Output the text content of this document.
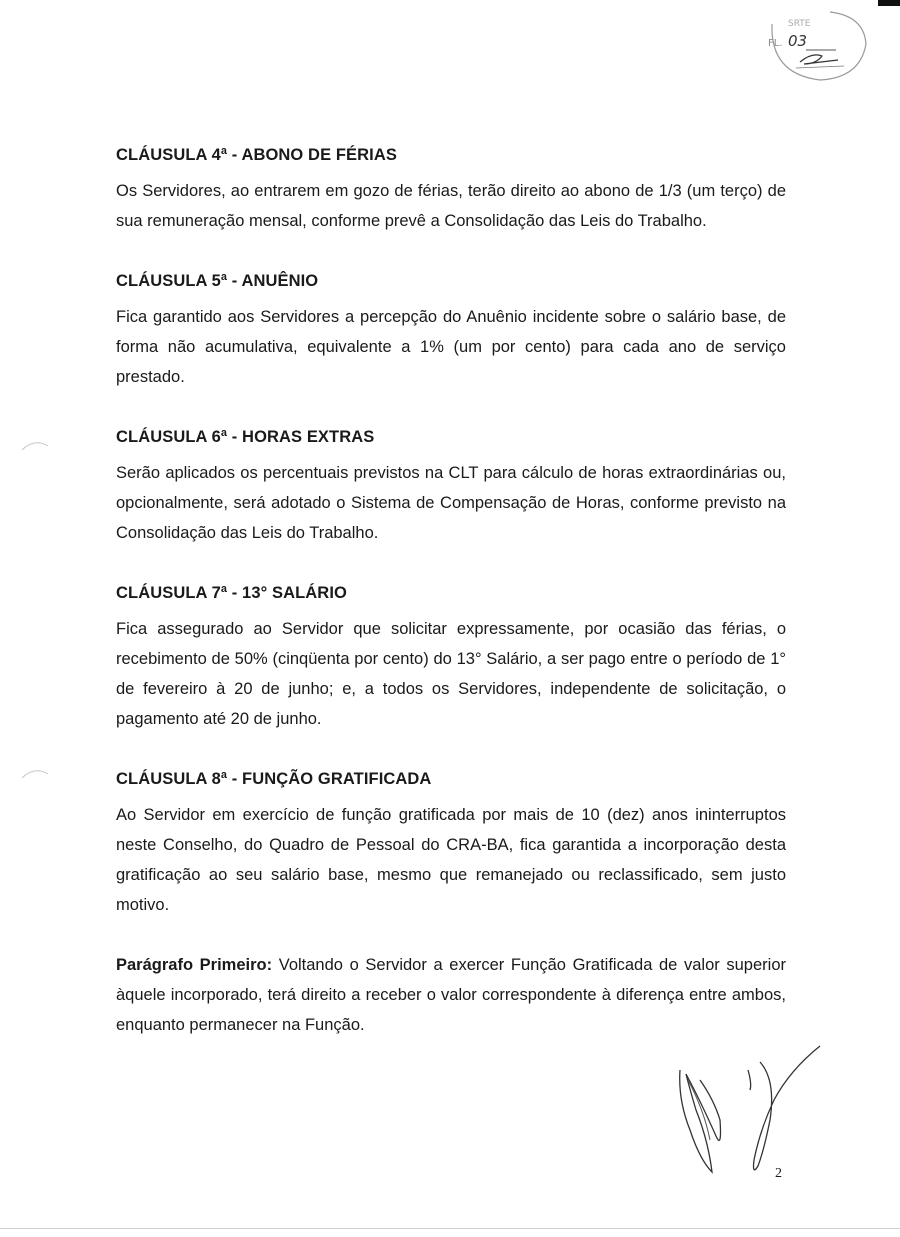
SRTE
FL. 03
CLÁUSULA 4ª - ABONO DE FÉRIAS

Os Servidores, ao entrarem em gozo de férias, terão direito ao abono de 1/3 (um terço) de sua remuneração mensal, conforme prevê a Consolidação das Leis do Trabalho.

CLÁUSULA 5ª - ANUÊNIO

Fica garantido aos Servidores a percepção do Anuênio incidente sobre o salário base, de forma não acumulativa, equivalente a 1% (um por cento) para cada ano de serviço prestado.

CLÁUSULA 6ª - HORAS EXTRAS

Serão aplicados os percentuais previstos na CLT para cálculo de horas extraordinárias ou, opcionalmente, será adotado o Sistema de Compensação de Horas, conforme previsto na Consolidação das Leis do Trabalho.

CLÁUSULA 7ª - 13° SALÁRIO

Fica assegurado ao Servidor que solicitar expressamente, por ocasião das férias, o recebimento de 50% (cinqüenta por cento) do 13° Salário, a ser pago entre o período de 1° de fevereiro à 20 de junho; e, a todos os Servidores, independente de solicitação, o pagamento até 20 de junho.

CLÁUSULA 8ª - FUNÇÃO GRATIFICADA

Ao Servidor em exercício de função gratificada por mais de 10 (dez) anos ininterruptos neste Conselho, do Quadro de Pessoal do CRA-BA, fica garantida a incorporação desta gratificação ao seu salário base, mesmo que remanejado ou reclassificado, sem justo motivo.

Parágrafo Primeiro: Voltando o Servidor a exercer Função Gratificada de valor superior àquele incorporado, terá direito a receber o valor correspondente à diferença entre ambos, enquanto permanecer na Função.

2
